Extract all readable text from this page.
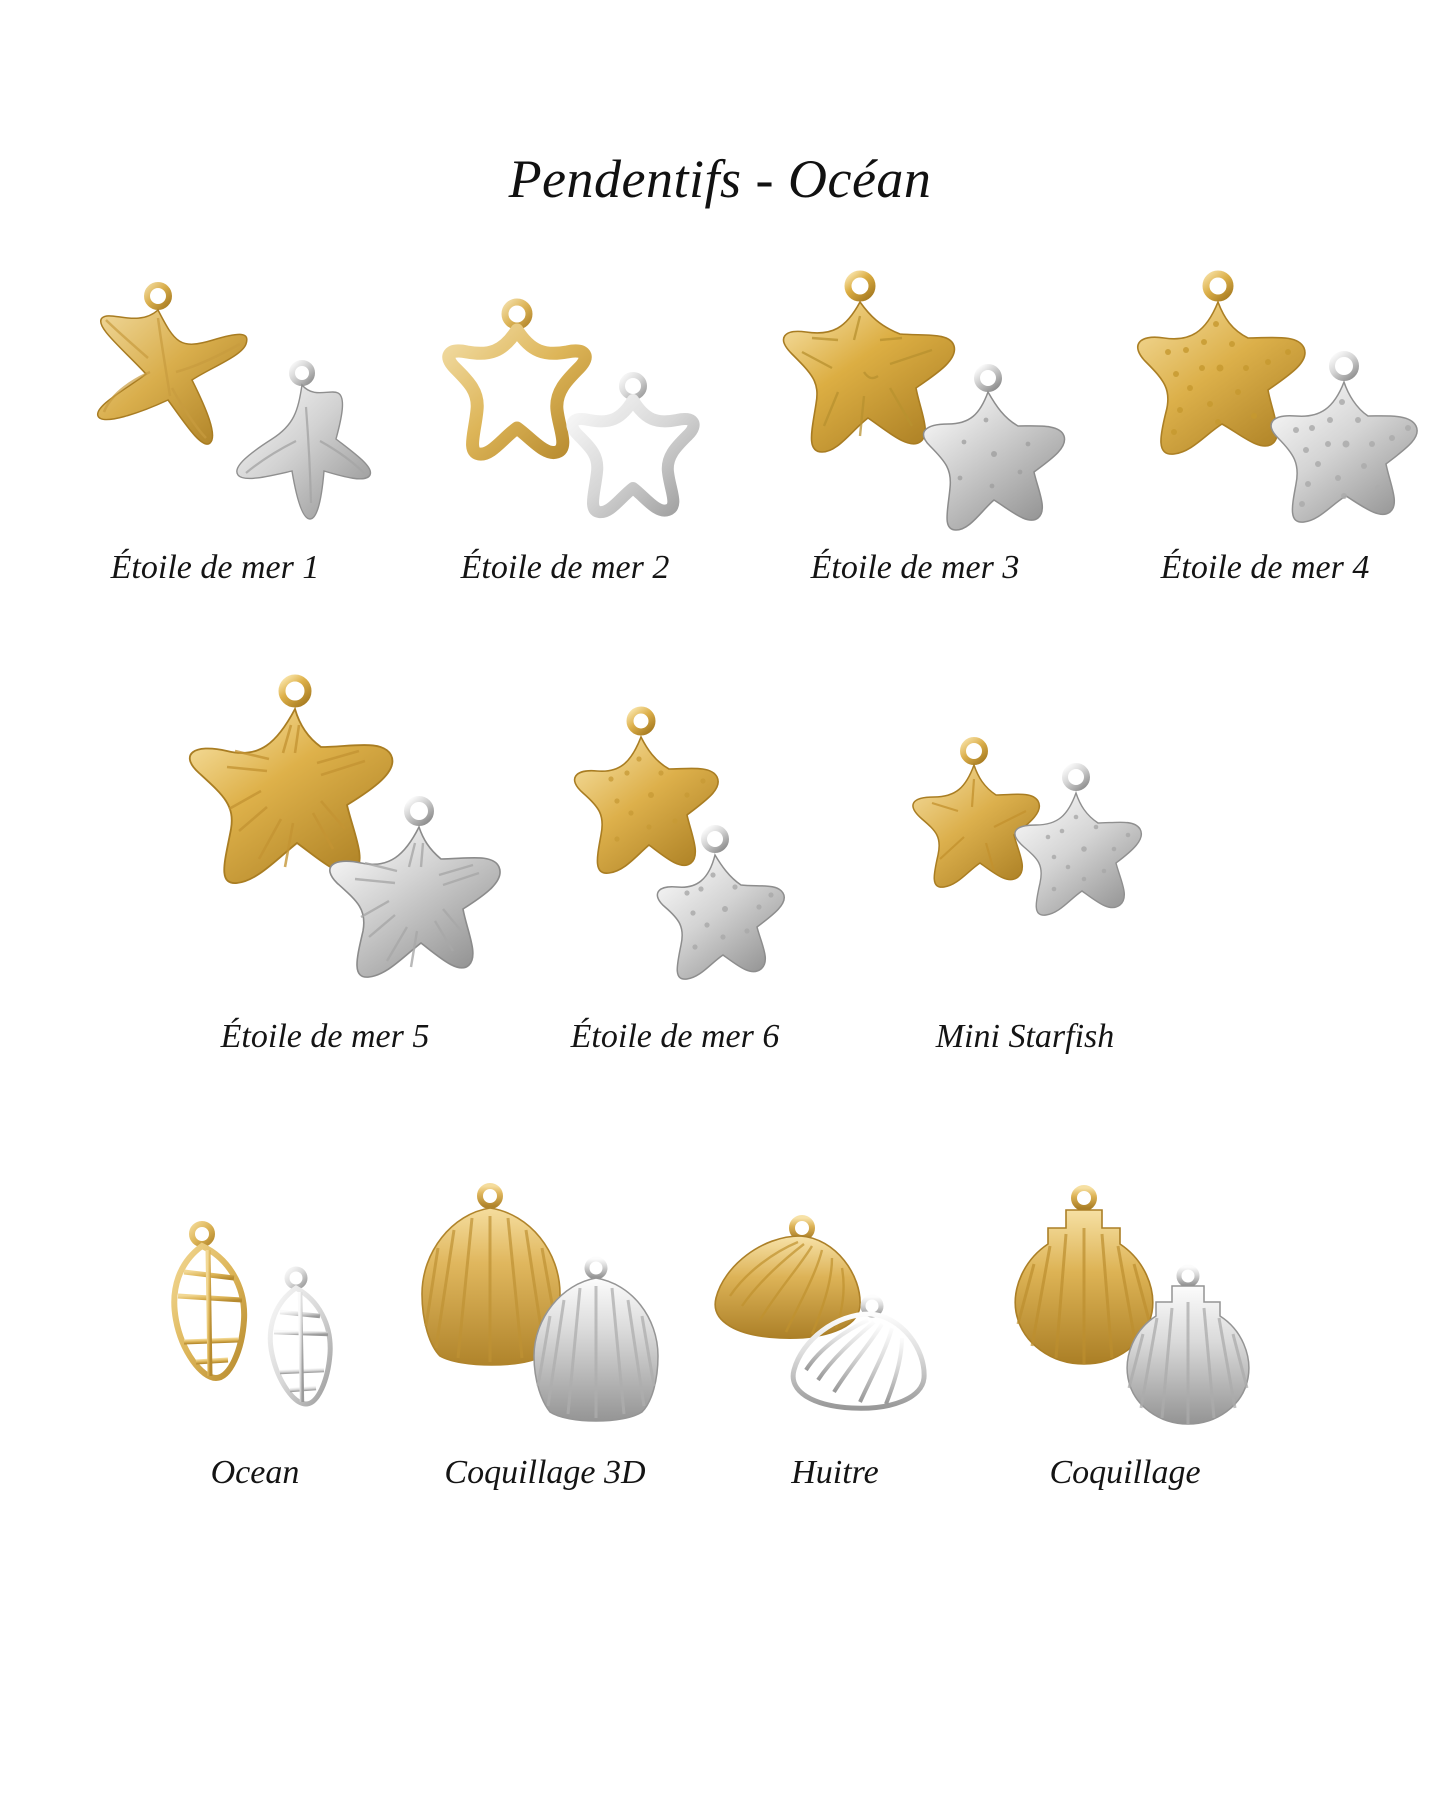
Pendentifs - Océan
Étoile de mer 1	Étoile de mer 2	Étoile de mer 3	Étoile de mer 4
Étoile de mer 5	Étoile de mer 6	Mini Starfish
Ocean	Coquillage 3D	Huitre	Coquillage
